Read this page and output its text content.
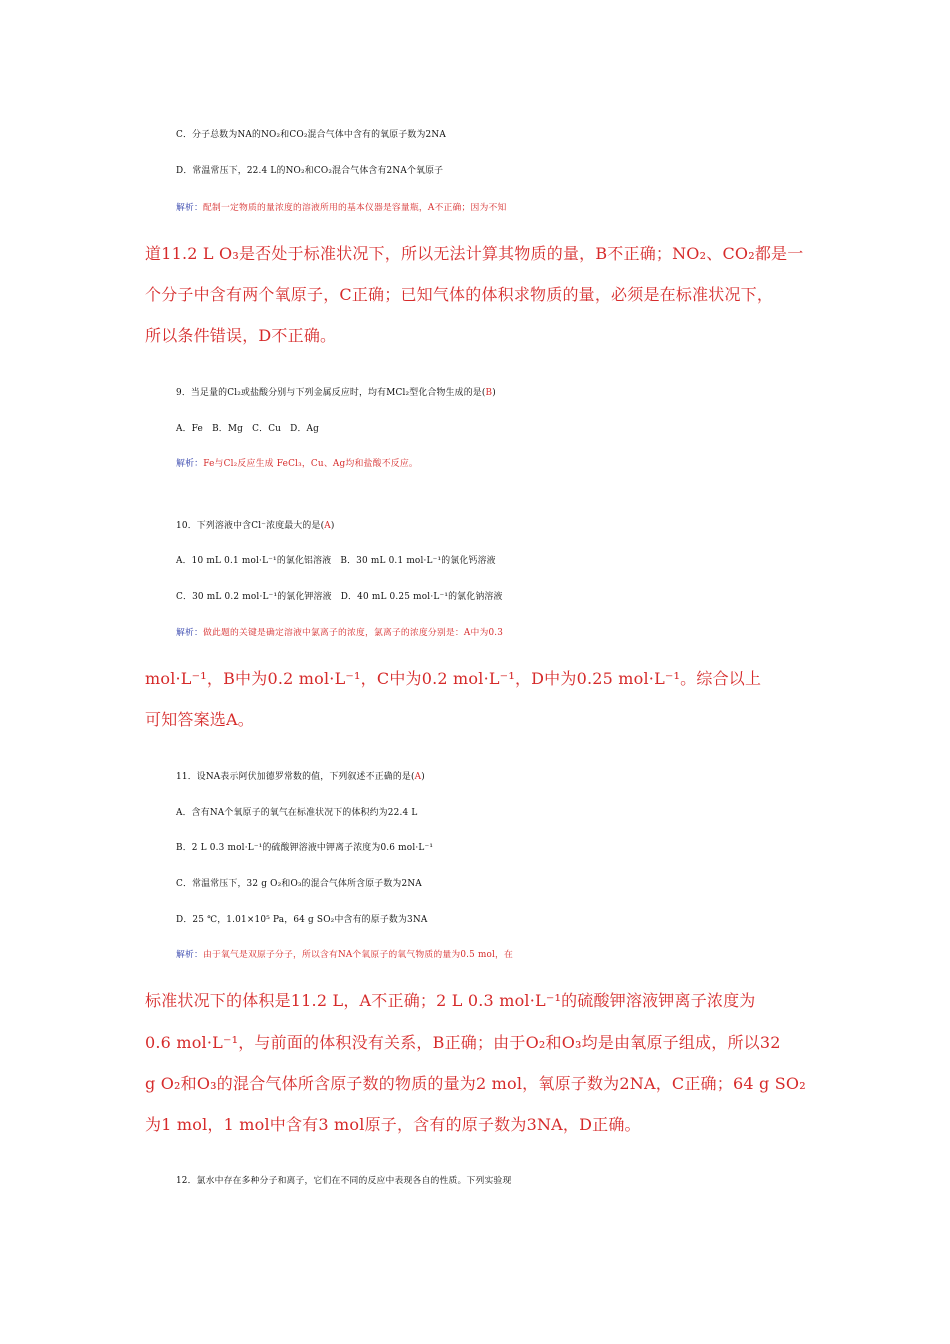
C．分子总数为NA的NO₂和CO₂混合气体中含有的氧原子数为2NA
D．常温常压下，22.4 L的NO₂和CO₂混合气体含有2NA个氧原子
解析：配制一定物质的量浓度的溶液所用的基本仪器是容量瓶，A不正确；因为不知
道11.2 L O₃是否处于标准状况下，所以无法计算其物质的量，B不正确；NO₂、CO₂都是一
个分子中含有两个氧原子，C正确；已知气体的体积求物质的量，必须是在标准状况下，
所以条件错误，D不正确。
9．当足量的Cl₂或盐酸分别与下列金属反应时，均有MCl₂型化合物生成的是(B)
A．Fe　B．Mg　C．Cu　D．Ag
解析：Fe与Cl₂反应生成 FeCl₃，Cu、Ag均和盐酸不反应。
10．下列溶液中含Cl⁻浓度最大的是(A)
A．10 mL 0.1 mol·L⁻¹的氯化铝溶液　B．30 mL 0.1 mol·L⁻¹的氯化钙溶液
C．30 mL 0.2 mol·L⁻¹的氯化钾溶液　D．40 mL 0.25 mol·L⁻¹的氯化钠溶液
解析：做此题的关键是确定溶液中氯离子的浓度，氯离子的浓度分别是：A中为0.3
mol·L⁻¹，B中为0.2 mol·L⁻¹，C中为0.2 mol·L⁻¹，D中为0.25 mol·L⁻¹。综合以上
可知答案选A。
11．设NA表示阿伏加德罗常数的值，下列叙述不正确的是(A)
A．含有NA个氧原子的氧气在标准状况下的体积约为22.4 L
B．2 L 0.3 mol·L⁻¹的硫酸钾溶液中钾离子浓度为0.6 mol·L⁻¹
C．常温常压下，32 g O₂和O₃的混合气体所含原子数为2NA
D．25 ℃，1.01×10⁵ Pa，64 g SO₂中含有的原子数为3NA
解析：由于氧气是双原子分子，所以含有NA个氧原子的氧气物质的量为0.5 mol，在
标准状况下的体积是11.2 L，A不正确；2 L 0.3 mol·L⁻¹的硫酸钾溶液钾离子浓度为
0.6 mol·L⁻¹，与前面的体积没有关系，B正确；由于O₂和O₃均是由氧原子组成，所以32
g O₂和O₃的混合气体所含原子数的物质的量为2 mol，氧原子数为2NA，C正确；64 g SO₂
为1 mol，1 mol中含有3 mol原子，含有的原子数为3NA，D正确。
12．氯水中存在多种分子和离子，它们在不同的反应中表现各自的性质。下列实验现
